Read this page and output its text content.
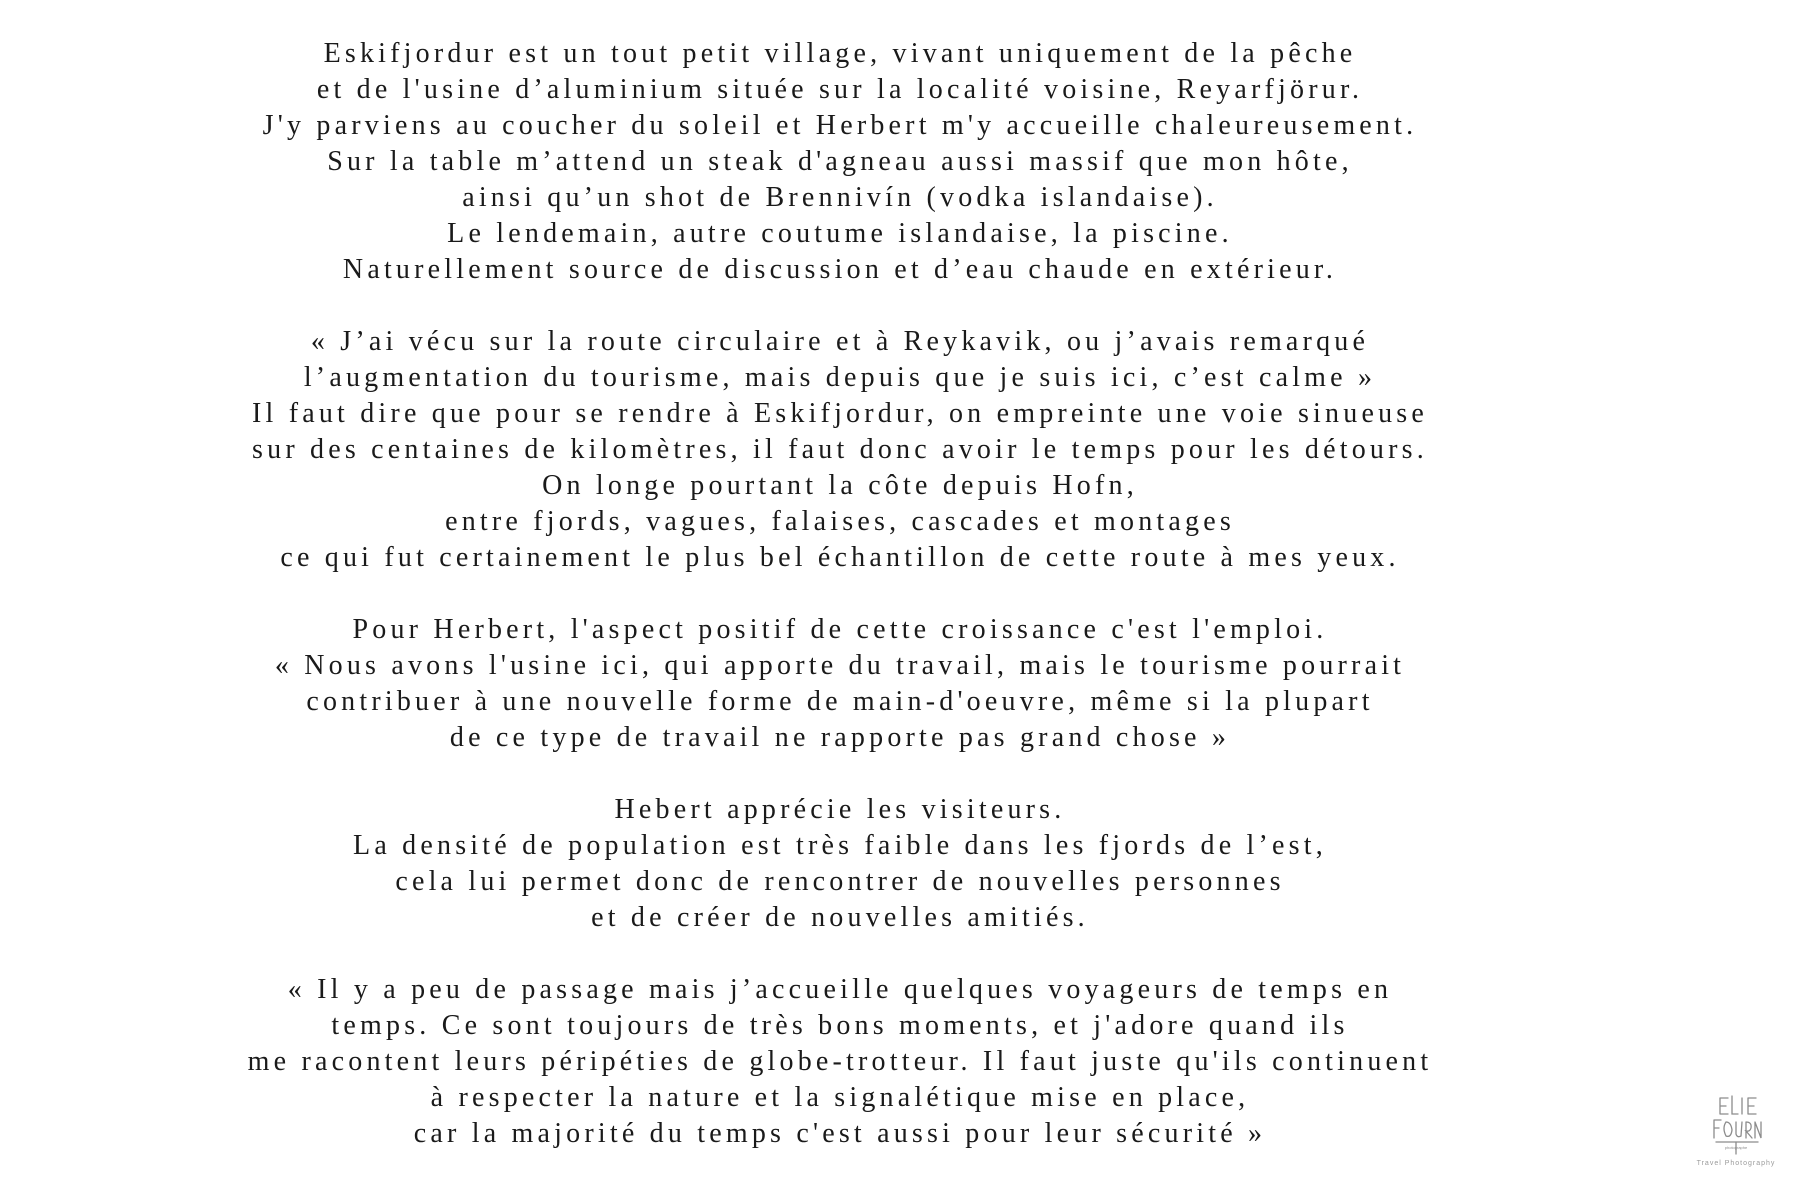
Eskifjordur est un tout petit village, vivant uniquement de la pêche
et de l'usine d’aluminium située sur la localité voisine, Reyarfjörur.
J'y parviens au coucher du soleil et Herbert m'y accueille chaleureusement.
Sur la table m’attend un steak d'agneau aussi massif que mon hôte,
ainsi qu’un shot de Brennivín (vodka islandaise).
Le lendemain, autre coutume islandaise, la piscine.
Naturellement source de discussion et d’eau chaude en extérieur.
« J’ai vécu sur la route circulaire et à Reykavik, ou j’avais remarqué
l’augmentation du tourisme, mais depuis que je suis ici, c’est calme »
Il faut dire que pour se rendre à Eskifjordur, on empreinte une voie sinueuse
sur des centaines de kilomètres, il faut donc avoir le temps pour les détours.
On longe pourtant la côte depuis Hofn,
entre fjords, vagues, falaises, cascades et montages
ce qui fut certainement le plus bel échantillon de cette route à mes yeux.
Pour Herbert, l'aspect positif de cette croissance c'est l'emploi.
« Nous avons l'usine ici, qui apporte du travail, mais le tourisme pourrait
contribuer à une nouvelle forme de main-d'oeuvre, même si la plupart
de ce type de travail ne rapporte pas grand chose »
Hebert apprécie les visiteurs.
La densité de population est très faible dans les fjords de l’est,
cela lui permet donc de rencontrer de nouvelles personnes
et de créer de nouvelles amitiés.
« Il y a peu de passage mais j’accueille quelques voyageurs de temps en
temps. Ce sont toujours de très bons moments, et j'adore quand ils
me racontent leurs péripéties de globe-trotteur. Il faut juste qu'ils continuent
à respecter la nature et la signalétique mise en place,
car la majorité du temps c'est aussi pour leur sécurité »	photographe
Travel Photography
